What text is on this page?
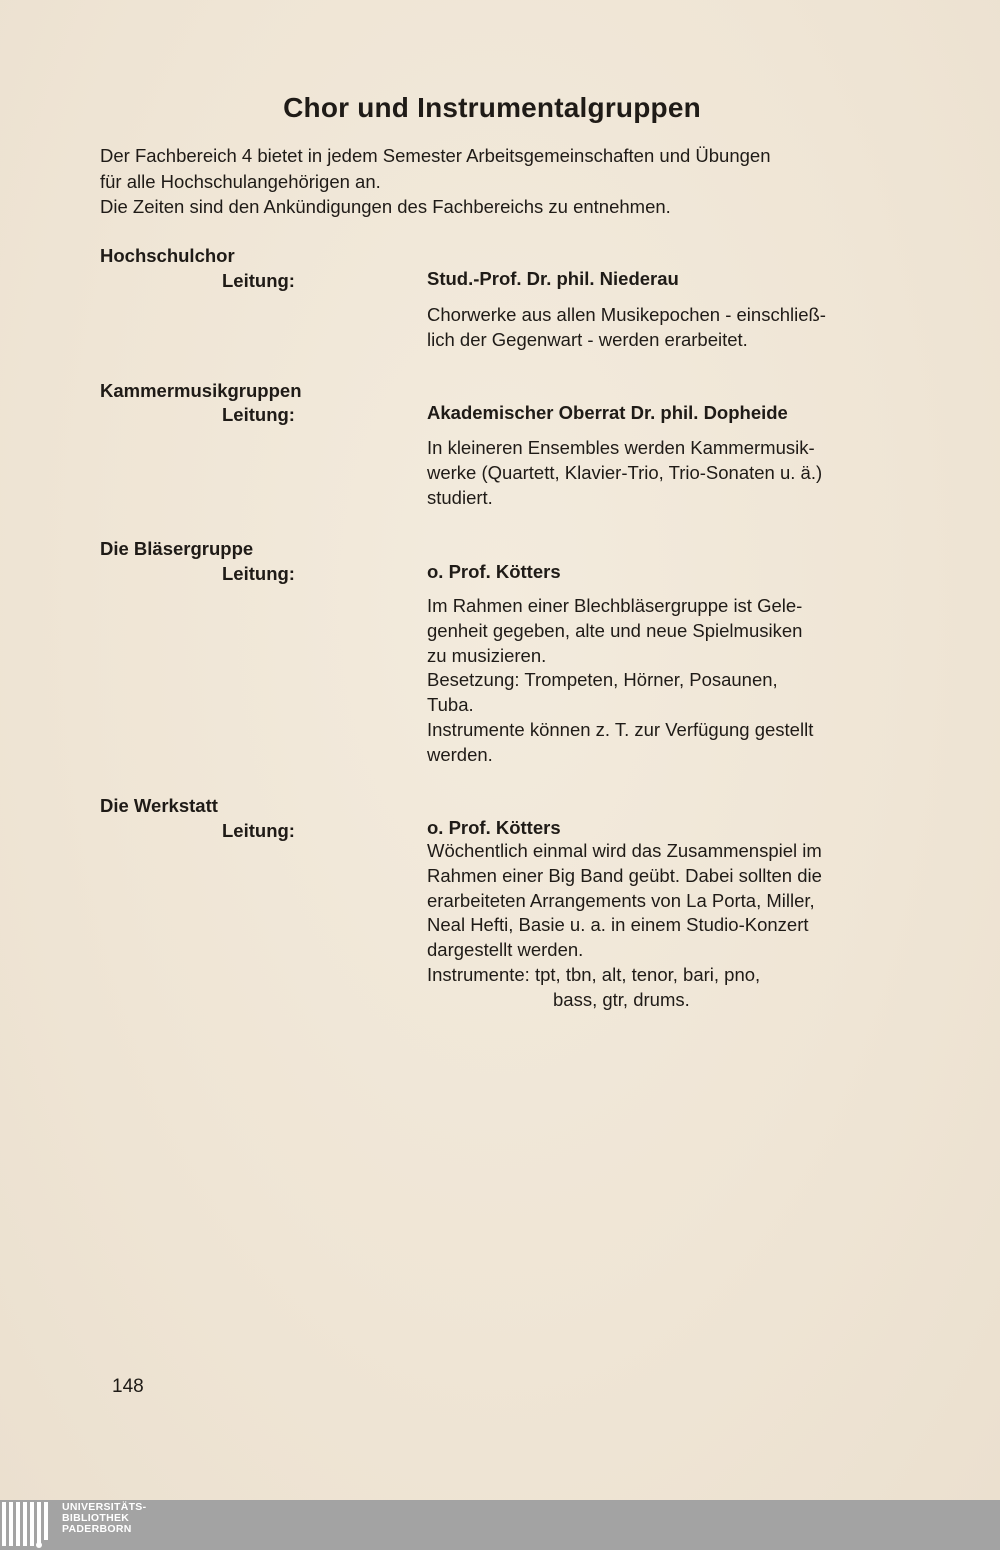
Chor und Instrumentalgruppen
Der Fachbereich 4 bietet in jedem Semester Arbeitsgemeinschaften und Übungen
für alle Hochschulangehörigen an.
Die Zeiten sind den Ankündigungen des Fachbereichs zu entnehmen.
Hochschulchor
Leitung:	Stud.-Prof. Dr. phil. Niederau
Chorwerke aus allen Musikepochen - einschließ-
lich der Gegenwart - werden erarbeitet.
Kammermusikgruppen
Leitung:	Akademischer Oberrat Dr. phil. Dopheide
In kleineren Ensembles werden Kammermusik-
werke (Quartett, Klavier-Trio, Trio-Sonaten u. ä.)
studiert.
Die Bläsergruppe
Leitung:	o. Prof. Kötters
Im Rahmen einer Blechbläsergruppe ist Gele-
genheit gegeben, alte und neue Spielmusiken
zu musizieren.
Besetzung: Trompeten, Hörner, Posaunen,
Tuba.
Instrumente können z. T. zur Verfügung gestellt
werden.
Die Werkstatt
Leitung:	o. Prof. Kötters
Wöchentlich einmal wird das Zusammenspiel im
Rahmen einer Big Band geübt. Dabei sollten die
erarbeiteten Arrangements von La Porta, Miller,
Neal Hefti, Basie u. a. in einem Studio-Konzert
dargestellt werden.
Instrumente: tpt, tbn, alt, tenor, bari, pno,
bass, gtr, drums.
148
UNIVERSITÄTS-
BIBLIOTHEK
PADERBORN
